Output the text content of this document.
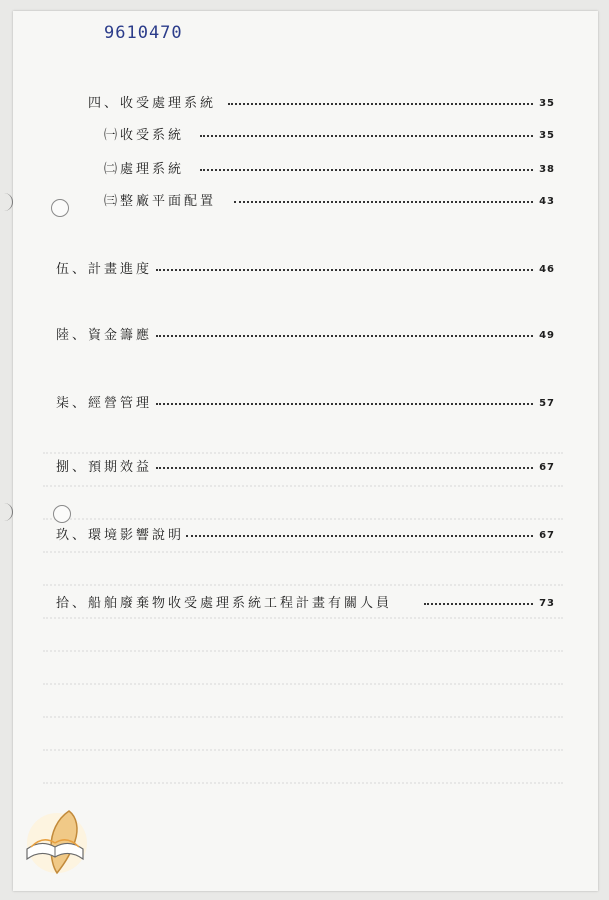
9610470
四、收受處理系統	35
㈠收受系統	35
㈡處理系統	38
㈢整廠平面配置	43
伍、計畫進度	46
陸、資金籌應	49
柒、經營管理	57
捌、預期效益	67
玖、環境影響說明	67
拾、船舶廢棄物收受處理系統工程計畫有關人員	73
